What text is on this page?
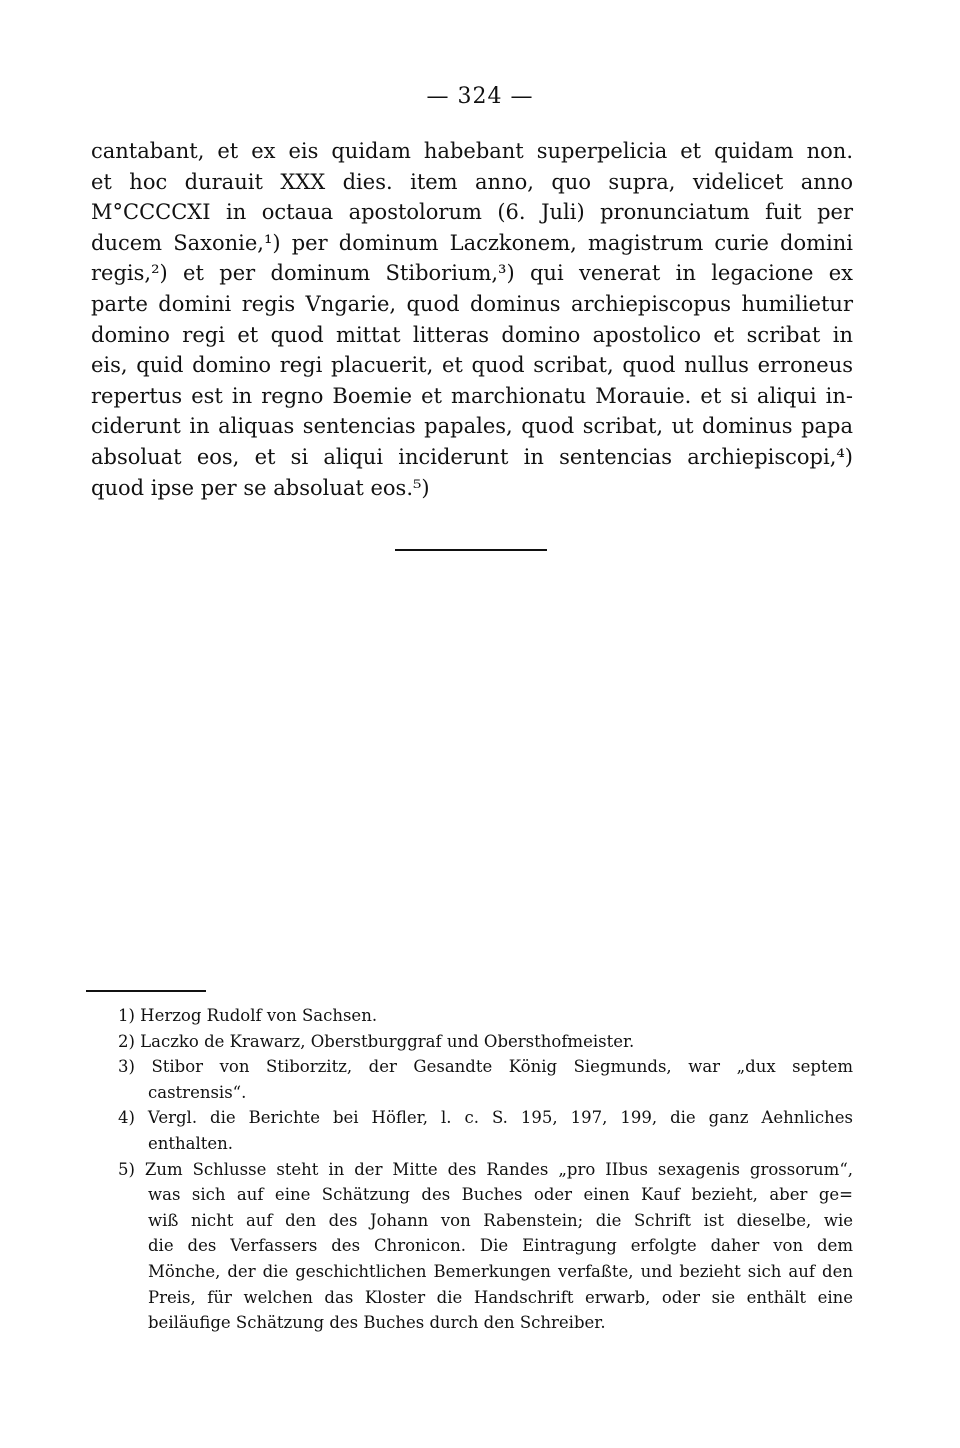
— 324 —
cantabant, et ex eis quidam habebant superpelicia et quidam non.
et hoc durauit XXX dies. item anno, quo supra, videlicet anno
M°CCCCXI in octaua apostolorum (6. Juli) pronunciatum fuit per
ducem Saxonie,¹) per dominum Laczkonem, magistrum curie domini
regis,²) et per dominum Stiborium,³) qui venerat in legacione ex
parte domini regis Vngarie, quod dominus archiepiscopus humilietur
domino regi et quod mittat litteras domino apostolico et scribat in
eis, quid domino regi placuerit, et quod scribat, quod nullus erroneus
repertus est in regno Boemie et marchionatu Morauie. et si aliqui in-
ciderunt in aliquas sentencias papales, quod scribat, ut dominus papa
absoluat eos, et si aliqui inciderunt in sentencias archiepiscopi,⁴)
quod ipse per se absoluat eos.⁵)
1) Herzog Rudolf von Sachsen.
2) Laczko de Krawarz, Oberstburggraf und Obersthofmeister.
3) Stibor von Stiborzitz, der Gesandte König Siegmunds, war „dux septem
castrensis“.
4) Vergl. die Berichte bei Höfler, l. c. S. 195, 197, 199, die ganz Aehnliches
enthalten.
5) Zum Schlusse steht in der Mitte des Randes „pro IIbus sexagenis grossorum“,
was sich auf eine Schätzung des Buches oder einen Kauf bezieht, aber ge=
wiß nicht auf den des Johann von Rabenstein; die Schrift ist dieselbe, wie
die des Verfassers des Chronicon. Die Eintragung erfolgte daher von dem
Mönche, der die geschichtlichen Bemerkungen verfaßte, und bezieht sich auf den
Preis, für welchen das Kloster die Handschrift erwarb, oder sie enthält eine
beiläufige Schätzung des Buches durch den Schreiber.
